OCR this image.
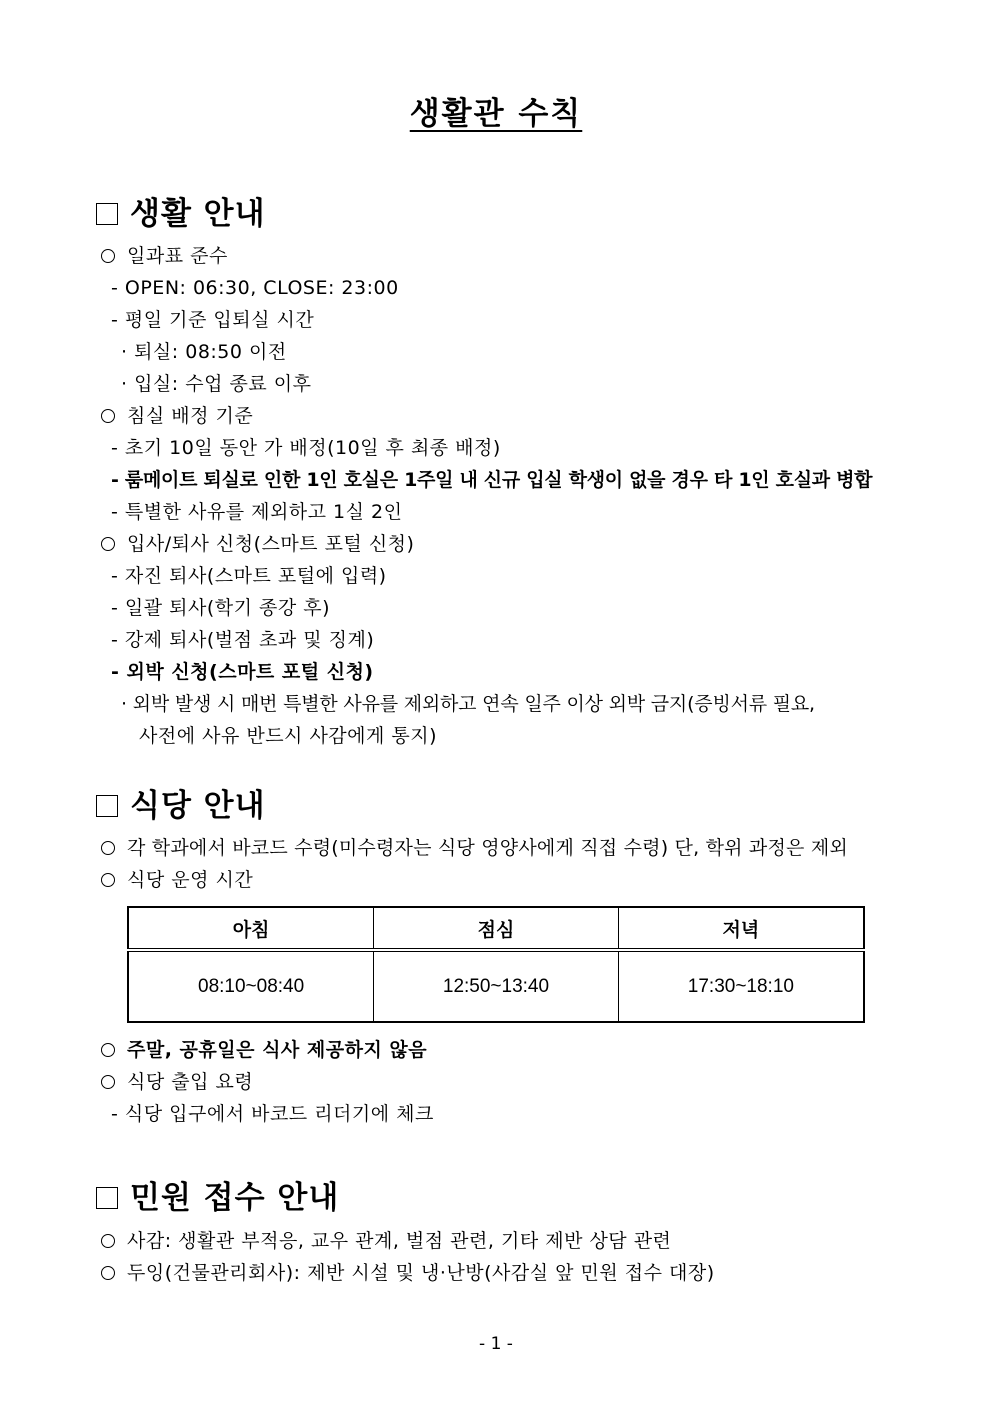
생활관 수칙
생활 안내
일과표 준수
- OPEN: 06:30, CLOSE: 23:00
- 평일 기준 입퇴실 시간
· 퇴실: 08:50 이전
· 입실: 수업 종료 이후
침실 배정 기준
- 초기 10일 동안 가 배정(10일 후 최종 배정)
- 룸메이트 퇴실로 인한 1인 호실은 1주일 내 신규 입실 학생이 없을 경우 타 1인 호실과 병합
- 특별한 사유를 제외하고 1실 2인
입사/퇴사 신청(스마트 포털 신청)
- 자진 퇴사(스마트 포털에 입력)
- 일괄 퇴사(학기 종강 후)
- 강제 퇴사(벌점 초과 및 징계)
- 외박 신청(스마트 포털 신청)
· 외박 발생 시 매번 특별한 사유를 제외하고 연속 일주 이상 외박 금지(증빙서류 필요,
사전에 사유 반드시 사감에게 통지)
식당 안내
각 학과에서 바코드 수령(미수령자는 식당 영양사에게 직접 수령) 단, 학위 과정은 제외
식당 운영 시간
아침	점심	저녁
08:10~08:40	12:50~13:40	17:30~18:10
주말, 공휴일은 식사 제공하지 않음
식당 출입 요령
- 식당 입구에서 바코드 리더기에 체크
민원 접수 안내
사감: 생활관 부적응, 교우 관계, 벌점 관련, 기타 제반 상담 관련
두잉(건물관리회사): 제반 시설 및 냉·난방(사감실 앞 민원 접수 대장)
- 1 -
